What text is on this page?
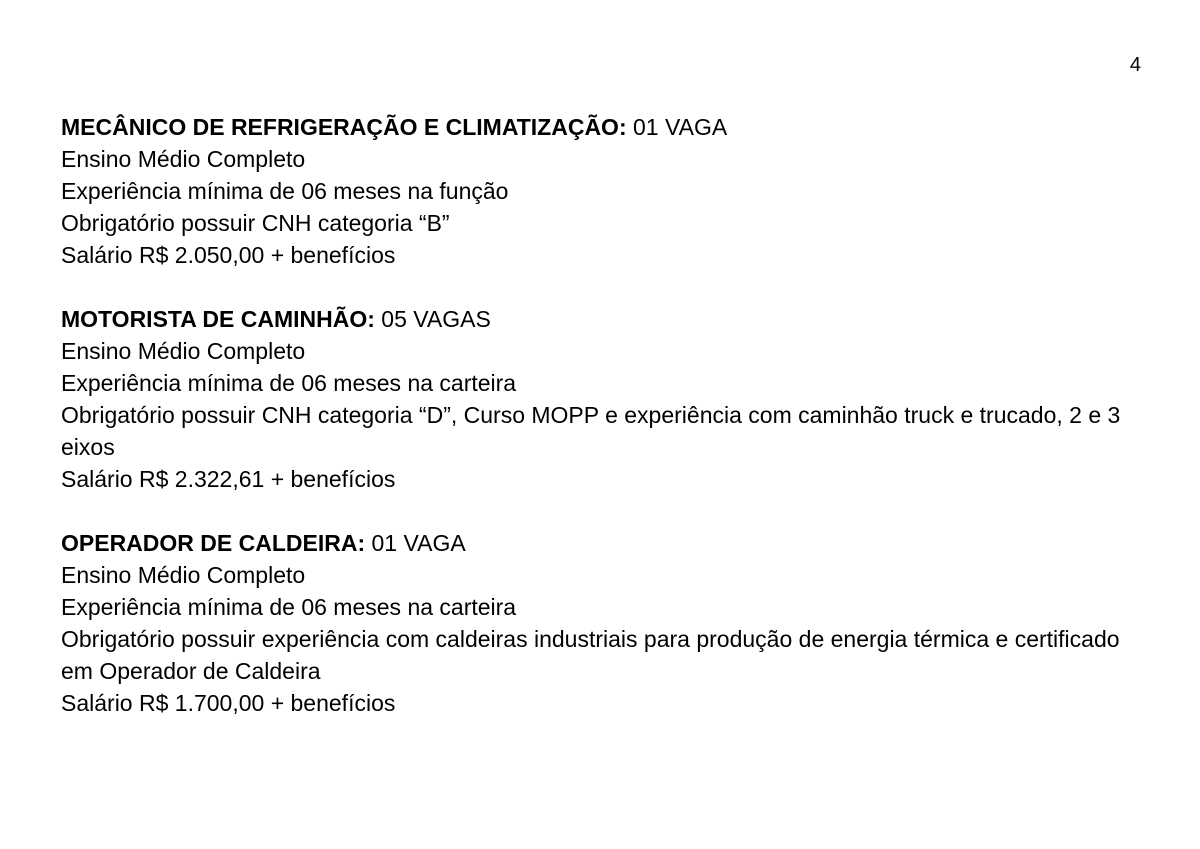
4

MECÂNICO DE REFRIGERAÇÃO E CLIMATIZAÇÃO: 01 VAGA

Ensino Médio Completo

Experiência mínima de 06 meses na função

Obrigatório possuir CNH categoria “B”

Salário R$ 2.050,00 + benefícios

MOTORISTA DE CAMINHÃO: 05 VAGAS

Ensino Médio Completo

Experiência mínima de 06 meses na carteira

Obrigatório possuir CNH categoria “D”, Curso MOPP e experiência com caminhão truck e trucado, 2 e 3 eixos

Salário R$ 2.322,61 + benefícios

OPERADOR DE CALDEIRA: 01 VAGA

Ensino Médio Completo

Experiência mínima de 06 meses na carteira

Obrigatório possuir experiência com caldeiras industriais para produção de energia térmica e certificado em Operador de Caldeira

Salário R$ 1.700,00 + benefícios
